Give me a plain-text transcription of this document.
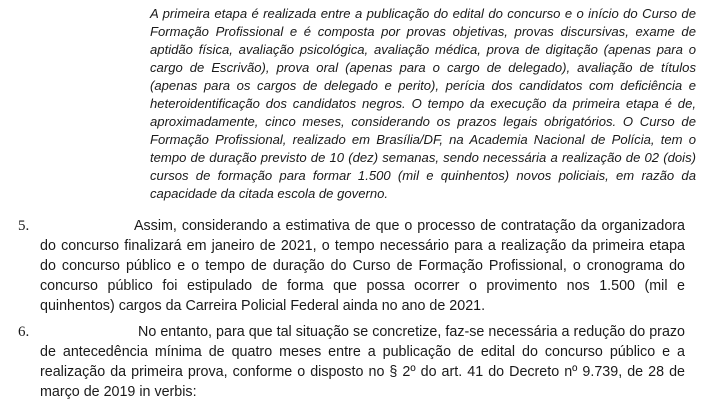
A primeira etapa é realizada entre a publicação do edital do concurso e o início do Curso de Formação Profissional e é composta por provas objetivas, provas discursivas, exame de aptidão física, avaliação psicológica, avaliação médica, prova de digitação (apenas para o cargo de Escrivão), prova oral (apenas para o cargo de delegado), avaliação de títulos (apenas para os cargos de delegado e perito), perícia dos candidatos com deficiência e heteroidentificação dos candidatos negros. O tempo da execução da primeira etapa é de, aproximadamente, cinco meses, considerando os prazos legais obrigatórios. O Curso de Formação Profissional, realizado em Brasília/DF, na Academia Nacional de Polícia, tem o tempo de duração previsto de 10 (dez) semanas, sendo necessária a realização de 02 (dois) cursos de formação para formar 1.500 (mil e quinhentos) novos policiais, em razão da capacidade da citada escola de governo.
5.	Assim, considerando a estimativa de que o processo de contratação da organizadora do concurso finalizará em janeiro de 2021, o tempo necessário para a realização da primeira etapa do concurso público e o tempo de duração do Curso de Formação Profissional, o cronograma do concurso público foi estipulado de forma que possa ocorrer o provimento nos 1.500 (mil e quinhentos) cargos da Carreira Policial Federal ainda no ano de 2021.
6.	No entanto, para que tal situação se concretize, faz-se necessária a redução do prazo de antecedência mínima de quatro meses entre a publicação de edital do concurso público e a realização da primeira prova, conforme o disposto no § 2º do art. 41 do Decreto nº 9.739, de 28 de março de 2019 in verbis:
